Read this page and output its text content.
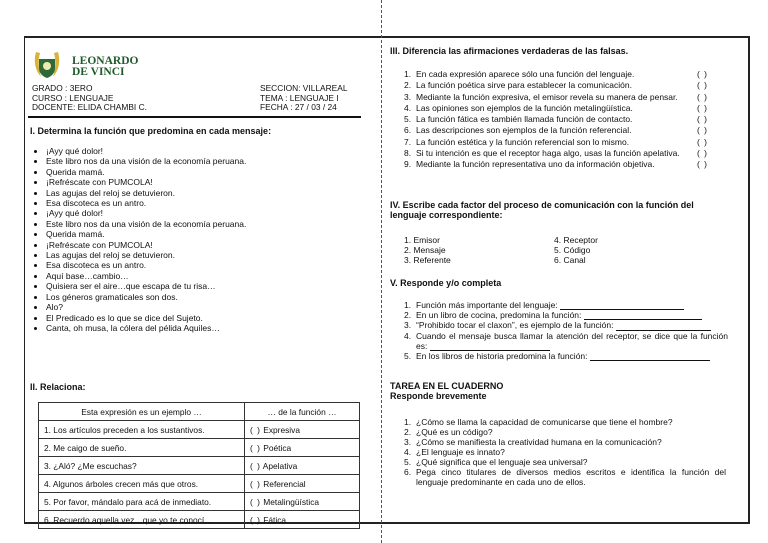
LEONARDO
DE VINCI
GRADO : 3ERO	SECCION: VILLAREAL
CURSO : LENGUAJE	TEMA : LENGUAJE I
DOCENTE: ELIDA CHAMBI C.	FECHA : 27 / 03 / 24
I. Determina la función que predomina en cada mensaje:
• ¡Ayy qué dolor!
• Este libro nos da una visión de la economía peruana.
• Querida mamá.
• ¡Refréscate con PUMCOLA!
• Las agujas del reloj se detuvieron.
• Esa discoteca es un antro.
• ¡Ayy qué dolor!
• Este libro nos da una visión de la economía peruana.
• Querida mamá.
• ¡Refréscate con PUMCOLA!
• Las agujas del reloj se detuvieron.
• Esa discoteca es un antro.
• Aquí base…cambio…
• Quisiera ser el aire…que escapa de tu risa…
• Los géneros gramaticales son dos.
• Alo?
• El Predicado es lo que se dice del Sujeto.
• Canta, oh musa, la cólera del pélida Aquiles…
II. Relaciona:
Esta expresión es un ejemplo …	… de la función …
1. Los artículos preceden a los sustantivos.	( ) Expresiva
2. Me caigo de sueño.	( ) Poética
3. ¿Aló? ¿Me escuchas?	( ) Apelativa
4. Algunos árboles crecen más que otros.	( ) Referencial
5. Por favor, mándalo para acá de inmediato.	( ) Metalingüística
6. Recuerdo aquella vez…que yo te conocí…	( ) Fática
III. Diferencia las afirmaciones verdaderas de las falsas.
1. En cada expresión aparece sólo una función del lenguaje.	( )
2. La función poética sirve para establecer la comunicación.	( )
3. Mediante la función expresiva, el emisor revela su manera de pensar.	( )
4. Las opiniones son ejemplos de la función metalingüística.	( )
5. La función fática es también llamada función de contacto.	( )
6. Las descripciones son ejemplos de la función referencial.	( )
7. La función estética y la función referencial son lo mismo.	( )
8. Si tu intención es que el receptor haga algo, usas la función apelativa.	( )
9. Mediante la función representativa uno da información objetiva.	( )
IV. Escribe cada factor del proceso de comunicación con la función del lenguaje correspondiente:
1. Emisor
2. Mensaje
3. Referente
4. Receptor
5. Código
6. Canal
V. Responde y/o completa
1. Función más importante del lenguaje:
2. En un libro de cocina, predomina la función:
3. “Prohibido tocar el claxon”, es ejemplo de la función:
4. Cuando el mensaje busca llamar la atención del receptor, se dice que la función es:
5. En los libros de historia predomina la función:
TAREA EN EL CUADERNO
Responde brevemente
1. ¿Cómo se llama la capacidad de comunicarse que tiene el hombre?
2. ¿Qué es un código?
3. ¿Cómo se manifiesta la creatividad humana en la comunicación?
4. ¿El lenguaje es innato?
5. ¿Qué significa que el lenguaje sea universal?
6. Pega cinco titulares de diversos medios escritos e identifica la función del lenguaje predominante en cada uno de ellos.
